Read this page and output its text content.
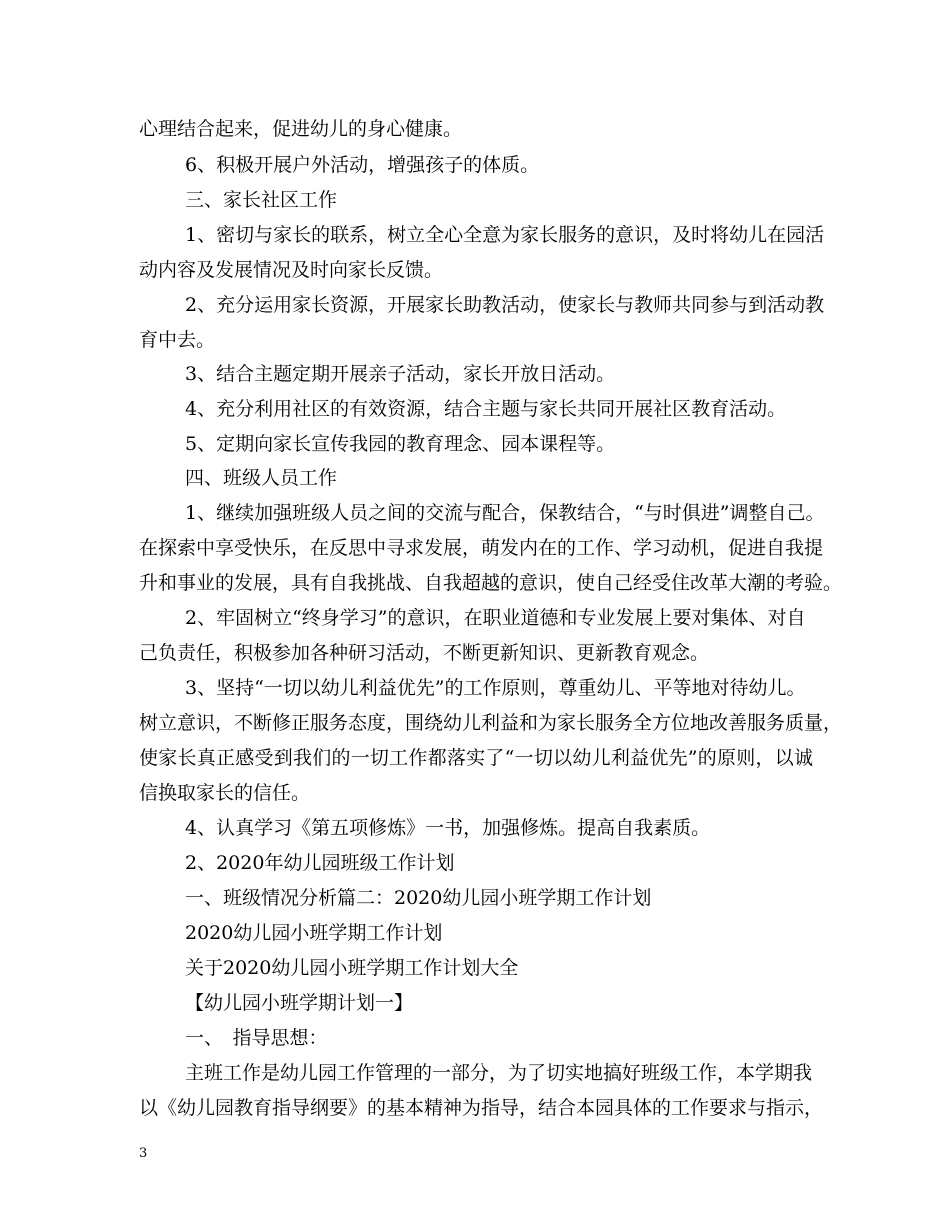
心理结合起来，促进幼儿的身心健康。
6、积极开展户外活动，增强孩子的体质。
三、家长社区工作
1、密切与家长的联系，树立全心全意为家长服务的意识，及时将幼儿在园活
动内容及发展情况及时向家长反馈。
2、充分运用家长资源，开展家长助教活动，使家长与教师共同参与到活动教
育中去。
3、结合主题定期开展亲子活动，家长开放日活动。
4、充分利用社区的有效资源，结合主题与家长共同开展社区教育活动。
5、定期向家长宣传我园的教育理念、园本课程等。
四、班级人员工作
1、继续加强班级人员之间的交流与配合，保教结合，“与时俱进”调整自己。
在探索中享受快乐，在反思中寻求发展，萌发内在的工作、学习动机，促进自我提
升和事业的发展，具有自我挑战、自我超越的意识，使自己经受住改革大潮的考验。
2、牢固树立“终身学习”的意识，在职业道德和专业发展上要对集体、对自
己负责任，积极参加各种研习活动，不断更新知识、更新教育观念。
3、坚持“一切以幼儿利益优先”的工作原则，尊重幼儿、平等地对待幼儿。
树立意识，不断修正服务态度，围绕幼儿利益和为家长服务全方位地改善服务质量，
使家长真正感受到我们的一切工作都落实了“一切以幼儿利益优先”的原则，以诚
信换取家长的信任。
4、认真学习《第五项修炼》一书，加强修炼。提高自我素质。
2、2020年幼儿园班级工作计划
一、班级情况分析篇二：2020幼儿园小班学期工作计划
2020幼儿园小班学期工作计划
关于2020幼儿园小班学期工作计划大全
【幼儿园小班学期计划一】
一、　指导思想：
主班工作是幼儿园工作管理的一部分，为了切实地搞好班级工作，本学期我
以《幼儿园教育指导纲要》的基本精神为指导，结合本园具体的工作要求与指示，
3
